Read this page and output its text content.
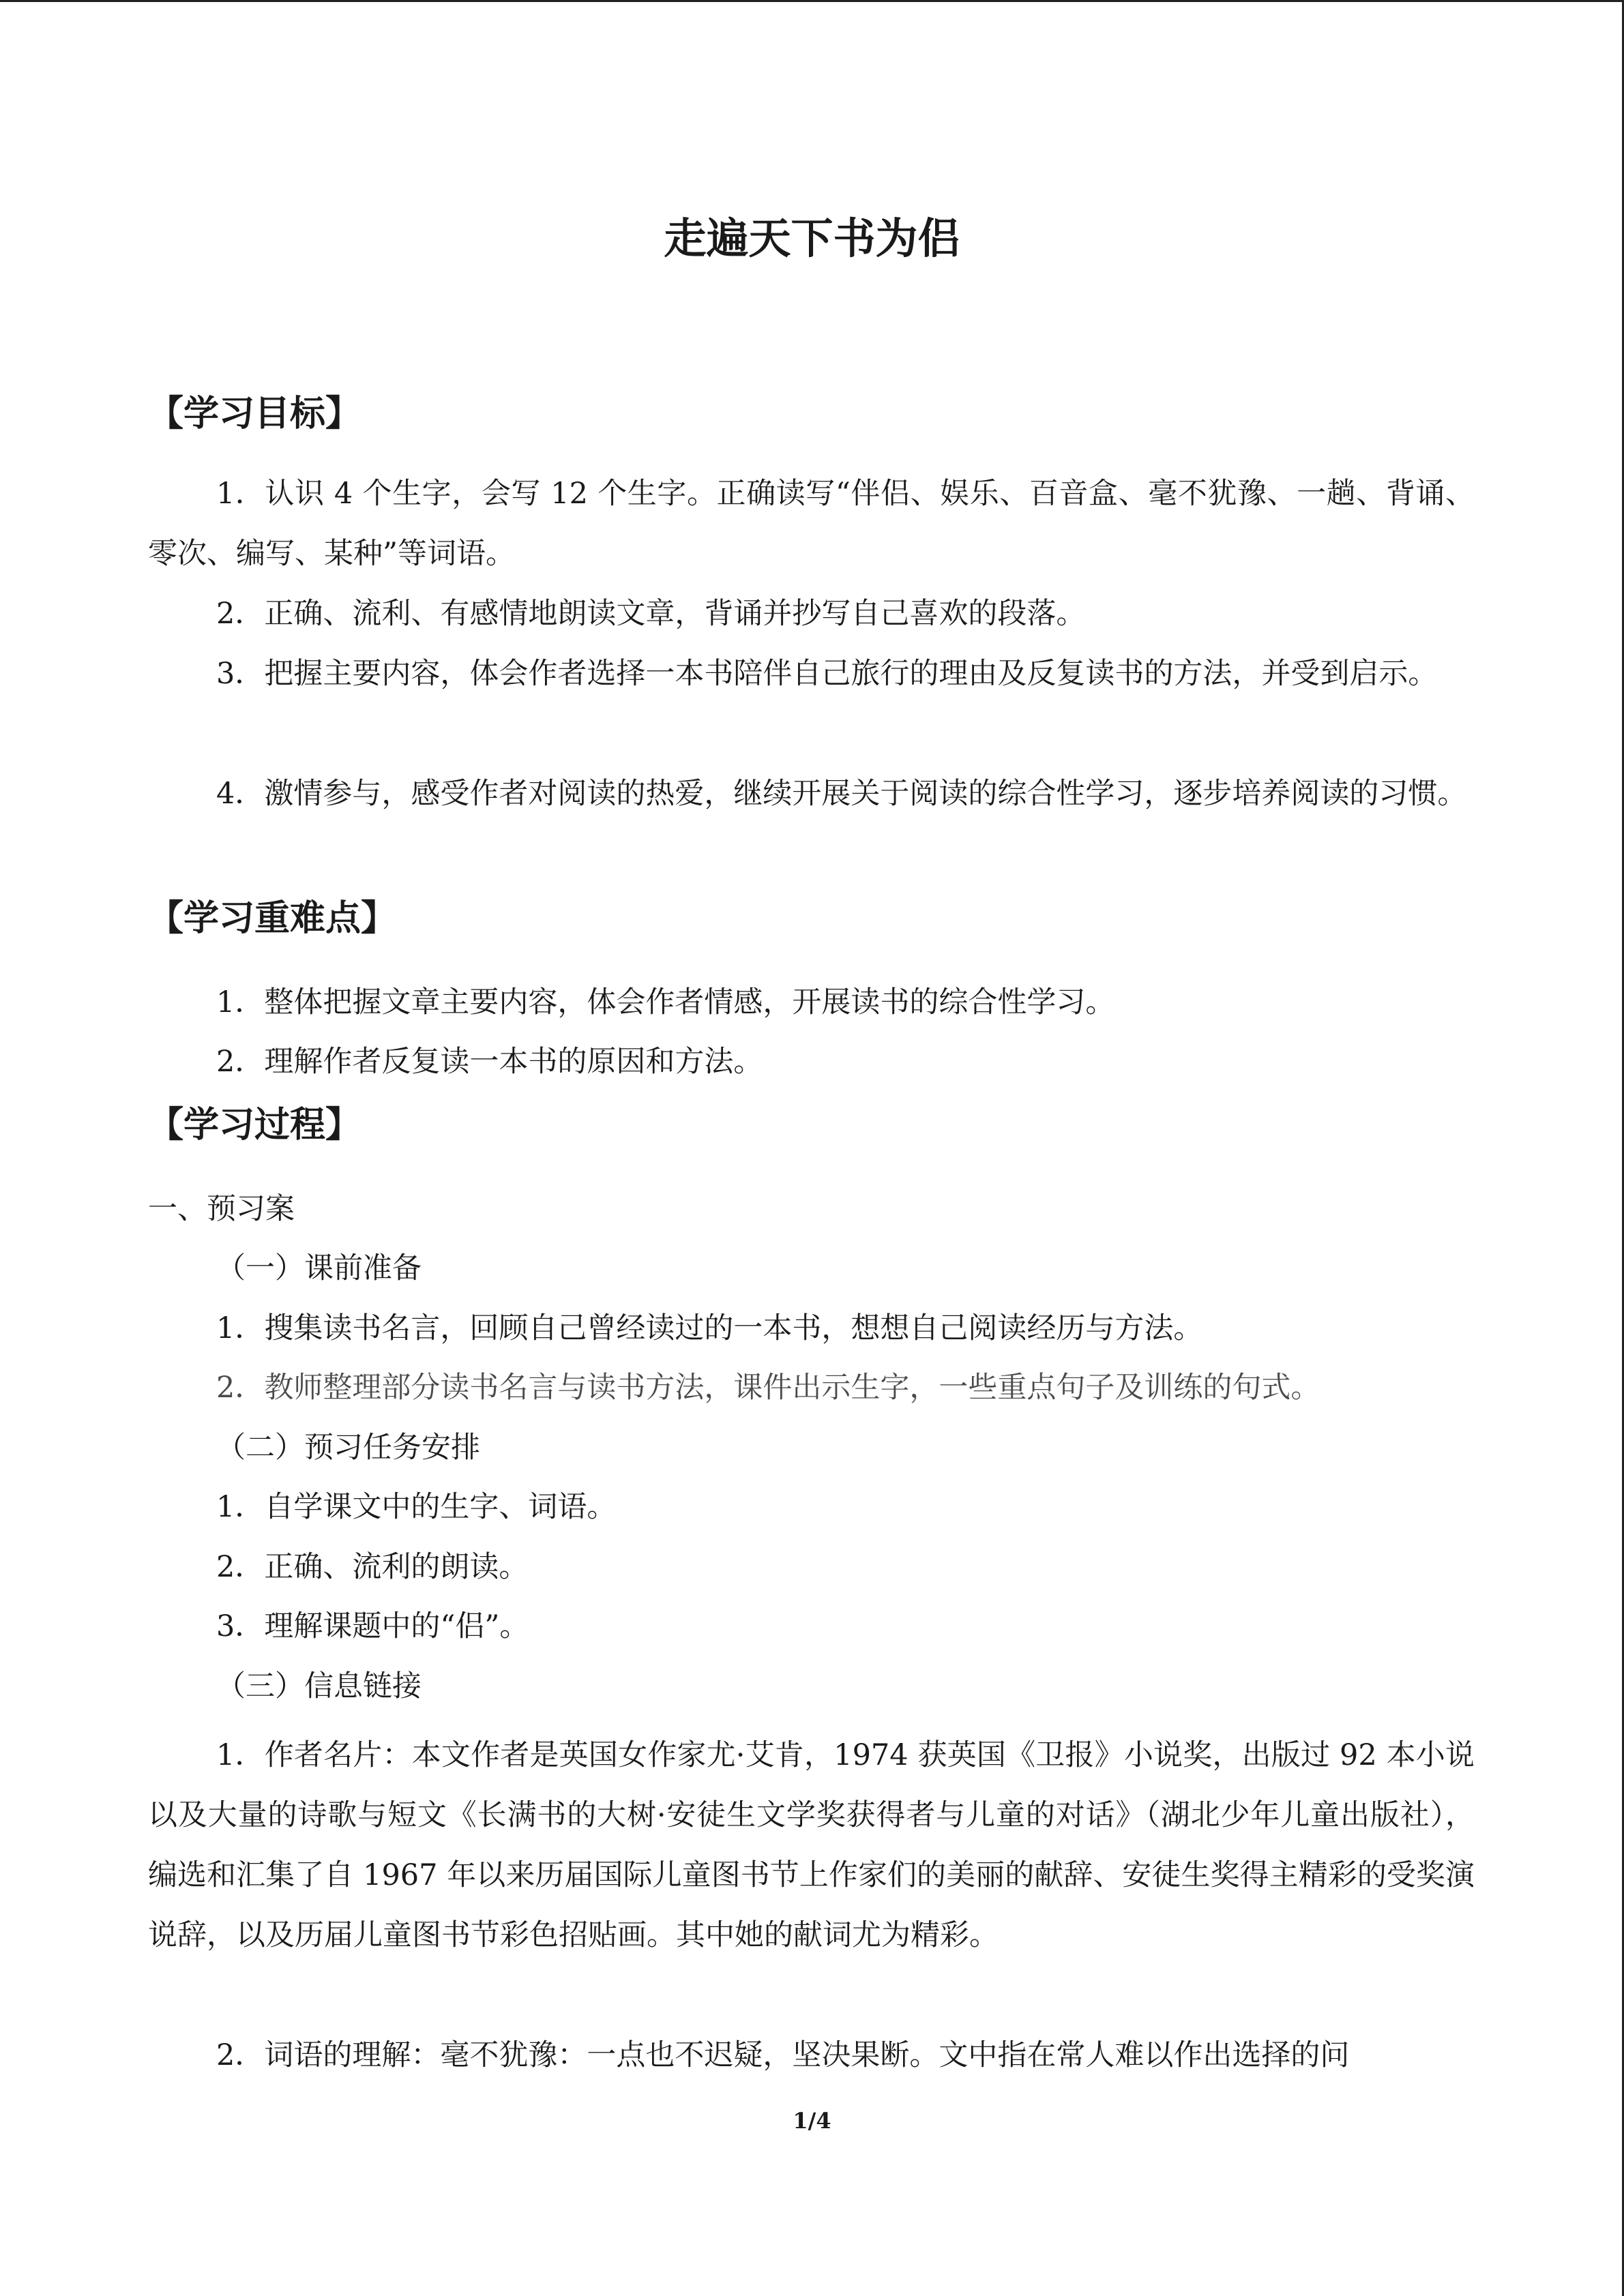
走遍天下书为侣
【学习目标】

1．认识 4 个生字，会写 12 个生字。正确读写“伴侣、娱乐、百音盒、毫不犹豫、一趟、背诵、零次、编写、某种”等词语。

2．正确、流利、有感情地朗读文章，背诵并抄写自己喜欢的段落。

3．把握主要内容，体会作者选择一本书陪伴自己旅行的理由及反复读书的方法，并受到启示。

4．激情参与，感受作者对阅读的热爱，继续开展关于阅读的综合性学习，逐步培养阅读的习惯。

【学习重难点】
1．整体把握文章主要内容，体会作者情感，开展读书的综合性学习。
2．理解作者反复读一本书的原因和方法。
【学习过程】
一、预习案
（一）课前准备
1．搜集读书名言，回顾自己曾经读过的一本书，想想自己阅读经历与方法。
2．教师整理部分读书名言与读书方法，课件出示生字，一些重点句子及训练的句式。
（二）预习任务安排
1．自学课文中的生字、词语。
2．正确、流利的朗读。
3．理解课题中的“侣”。
（三）信息链接

1．作者名片：本文作者是英国女作家尤·艾肯，1974 获英国《卫报》小说奖，出版过 92 本小说以及大量的诗歌与短文《长满书的大树·安徒生文学奖获得者与儿童的对话》（湖北少年儿童出版社），编选和汇集了自 1967 年以来历届国际儿童图书节上作家们的美丽的献辞、安徒生奖得主精彩的受奖演说辞，以及历届儿童图书节彩色招贴画。其中她的献词尤为精彩。

2．词语的理解：毫不犹豫：一点也不迟疑，坚决果断。文中指在常人难以作出选择的问

1/4
